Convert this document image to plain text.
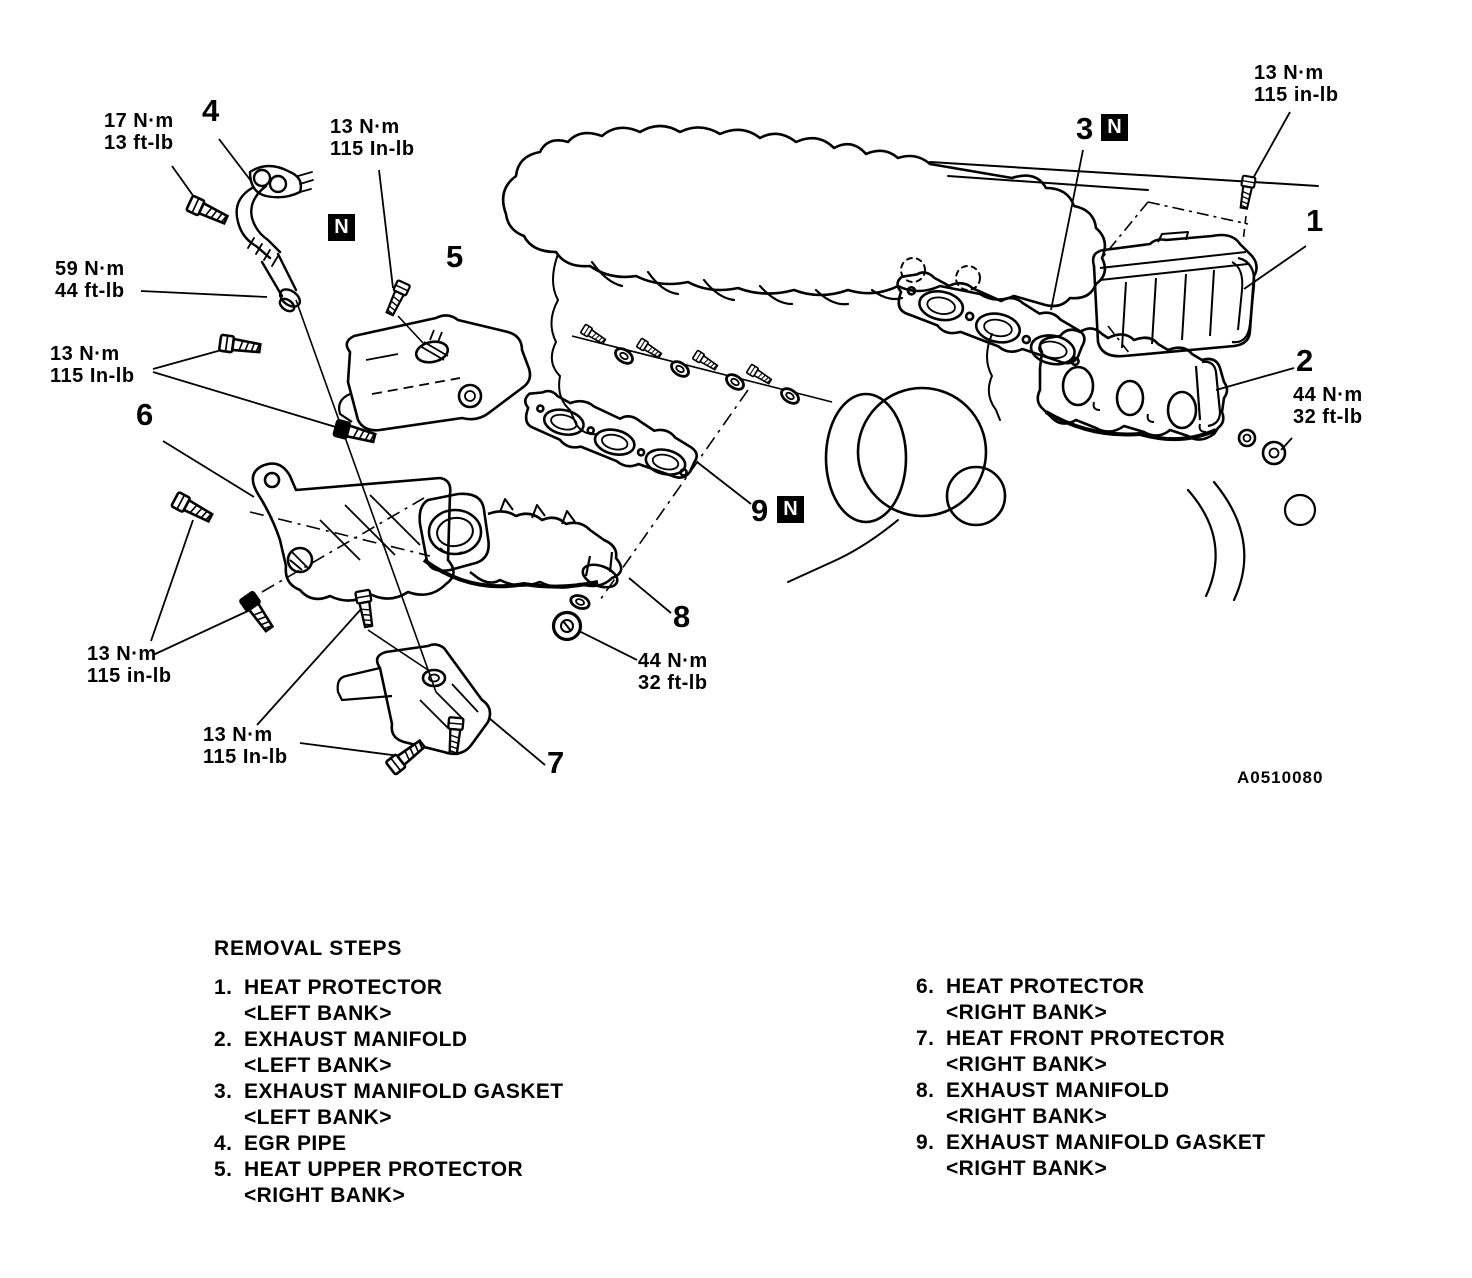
17 N·m
13 ft-lb
13 N·m
115 In-lb
59 N·m
44 ft-lb
13 N·m
115 In-lb
13 N·m
115 in-lb
13 N·m
115 In-lb
44 N·m
32 ft-lb
13 N·m
115 in-lb
44 N·m
32 ft-lb
4
5
6
7
8
9
3
1
2
N
N
N
A0510080
REMOVAL STEPS
1. HEAT PROTECTOR
<LEFT BANK>
2. EXHAUST MANIFOLD
<LEFT BANK>
3. EXHAUST MANIFOLD GASKET
<LEFT BANK>
4. EGR PIPE
5. HEAT UPPER PROTECTOR
<RIGHT BANK>
6. HEAT PROTECTOR
<RIGHT BANK>
7. HEAT FRONT PROTECTOR
<RIGHT BANK>
8. EXHAUST MANIFOLD
<RIGHT BANK>
9. EXHAUST MANIFOLD GASKET
<RIGHT BANK>
